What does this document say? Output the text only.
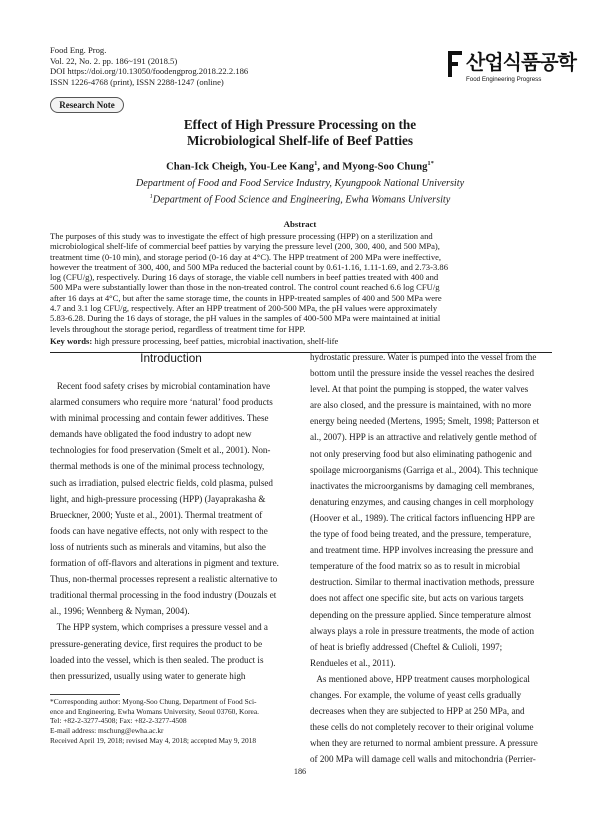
Food Eng. Prog.
Vol. 22, No. 2. pp. 186~191 (2018.5)
DOI https://doi.org/10.13050/foodengprog.2018.22.2.186
ISSN 1226-4768 (print), ISSN 2288-1247 (online)
산업식품공학
Food Engineering Progress
Research Note
Effect of High Pressure Processing on the
Microbiological Shelf-life of Beef Patties
Chan-Ick Cheigh, You-Lee Kang$^1$, and Myong-Soo Chung$^{1*}$
Department of Food and Food Service Industry, Kyungpook National University
$^1$Department of Food Science and Engineering, Ewha Womans University
Abstract
The purposes of this study was to investigate the effect of high pressure processing (HPP) on a sterilization and
microbiological shelf-life of commercial beef patties by varying the pressure level (200, 300, 400, and 500 MPa),
treatment time (0-10 min), and storage period (0-16 day at 4°C). The HPP treatment of 200 MPa were ineffective,
however the treatment of 300, 400, and 500 MPa reduced the bacterial count by 0.61-1.16, 1.11-1.69, and 2.73-3.86
log (CFU/g), respectively. During 16 days of storage, the viable cell numbers in beef patties treated with 400 and
500 MPa were substantially lower than those in the non-treated control. The control count reached 6.6 log CFU/g
after 16 days at 4°C, but after the same storage time, the counts in HPP-treated samples of 400 and 500 MPa were
4.7 and 3.1 log CFU/g, respectively. After an HPP treatment of 200-500 MPa, the pH values were approximately
5.83-6.28. During the 16 days of storage, the pH values in the samples of 400-500 MPa were maintained at initial
levels throughout the storage period, regardless of treatment time for HPP.
Key words: high pressure processing, beef patties, microbial inactivation, shelf-life
Introduction
Recent food safety crises by microbial contamination have
alarmed consumers who require more ‘natural’ food products
with minimal processing and contain fewer additives. These
demands have obligated the food industry to adopt new
technologies for food preservation (Smelt et al., 2001). Non-
thermal methods is one of the minimal process technology,
such as irradiation, pulsed electric fields, cold plasma, pulsed
light, and high-pressure processing (HPP) (Jayaprakasha &
Brueckner, 2000; Yuste et al., 2001). Thermal treatment of
foods can have negative effects, not only with respect to the
loss of nutrients such as minerals and vitamins, but also the
formation of off-flavors and alterations in pigment and texture.
Thus, non-thermal processes represent a realistic alternative to
traditional thermal processing in the food industry (Douzals et
al., 1996; Wennberg & Nyman, 2004).
The HPP system, which comprises a pressure vessel and a
pressure-generating device, first requires the product to be
loaded into the vessel, which is then sealed. The product is
then pressurized, usually using water to generate high
hydrostatic pressure. Water is pumped into the vessel from the
bottom until the pressure inside the vessel reaches the desired
level. At that point the pumping is stopped, the water valves
are also closed, and the pressure is maintained, with no more
energy being needed (Mertens, 1995; Smelt, 1998; Patterson et
al., 2007). HPP is an attractive and relatively gentle method of
not only preserving food but also eliminating pathogenic and
spoilage microorganisms (Garriga et al., 2004). This technique
inactivates the microorganisms by damaging cell membranes,
denaturing enzymes, and causing changes in cell morphology
(Hoover et al., 1989). The critical factors influencing HPP are
the type of food being treated, and the pressure, temperature,
and treatment time. HPP involves increasing the pressure and
temperature of the food matrix so as to result in microbial
destruction. Similar to thermal inactivation methods, pressure
does not affect one specific site, but acts on various targets
depending on the pressure applied. Since temperature almost
always plays a role in pressure treatments, the mode of action
of heat is briefly addressed (Cheftel & Culioli, 1997;
Rendueles et al., 2011).
As mentioned above, HPP treatment causes morphological
changes. For example, the volume of yeast cells gradually
decreases when they are subjected to HPP at 250 MPa, and
these cells do not completely recover to their original volume
when they are returned to normal ambient pressure. A pressure
of 200 MPa will damage cell walls and mitochondria (Perrier-
*Corresponding author: Myong-Soo Chung, Department of Food Sci-
ence and Engineering, Ewha Womans University, Seoul 03760, Korea.
Tel: +82-2-3277-4508; Fax: +82-2-3277-4508
E-mail address: mschung@ewha.ac.kr
Received April 19, 2018; revised May 4, 2018; accepted May 9, 2018
186
